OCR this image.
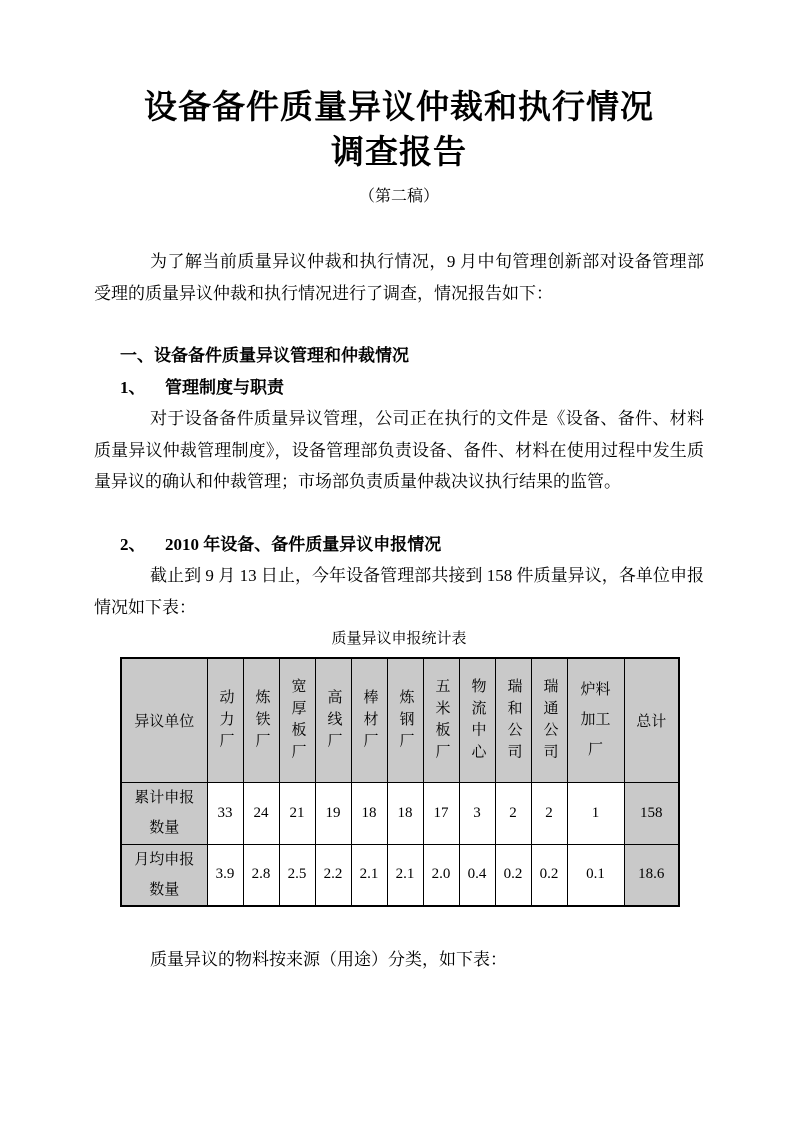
设备备件质量异议仲裁和执行情况
调查报告
（第二稿）
为了解当前质量异议仲裁和执行情况，9 月中旬管理创新部对设备管理部受理的质量异议仲裁和执行情况进行了调查，情况报告如下：
一、设备备件质量异议管理和仲裁情况
1、 管理制度与职责
对于设备备件质量异议管理，公司正在执行的文件是《设备、备件、材料质量异议仲裁管理制度》，设备管理部负责设备、备件、材料在使用过程中发生质量异议的确认和仲裁管理；市场部负责质量仲裁决议执行结果的监管。
2、 2010 年设备、备件质量异议申报情况
截止到 9 月 13 日止，今年设备管理部共接到 158 件质量异议，各单位申报情况如下表：
质量异议申报统计表
异议单位	动力厂	炼铁厂	宽厚板厂	高线厂	棒材厂	炼钢厂	五米板厂	物流中心	瑞和公司	瑞通公司	炉料加工厂	总计
累计申报数量	33	24	21	19	18	18	17	3	2	2	1	158
月均申报数量	3.9	2.8	2.5	2.2	2.1	2.1	2.0	0.4	0.2	0.2	0.1	18.6
质量异议的物料按来源（用途）分类，如下表：
